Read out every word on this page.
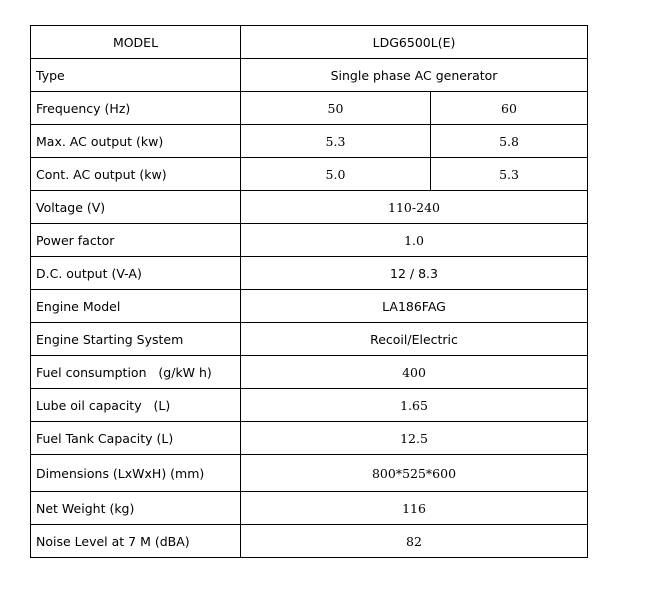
MODEL	LDG6500L(E)	
Type	Single phase AC generator	
Frequency (Hz)	50	60
Max. AC output (kw)	5.3	5.8
Cont. AC output (kw)	5.0	5.3
Voltage (V)	110-240	
Power factor	1.0	
D.C. output (V-A)	12 / 8.3	
Engine Model	LA186FAG	
Engine Starting System	Recoil/Electric	
Fuel consumption   (g/kW h)	400	
Lube oil capacity   (L)	1.65	
Fuel Tank Capacity (L)	12.5	
Dimensions (LxWxH) (mm)	800*525*600	
Net Weight (kg)	116	
Noise Level at 7 M (dBA)	82	
